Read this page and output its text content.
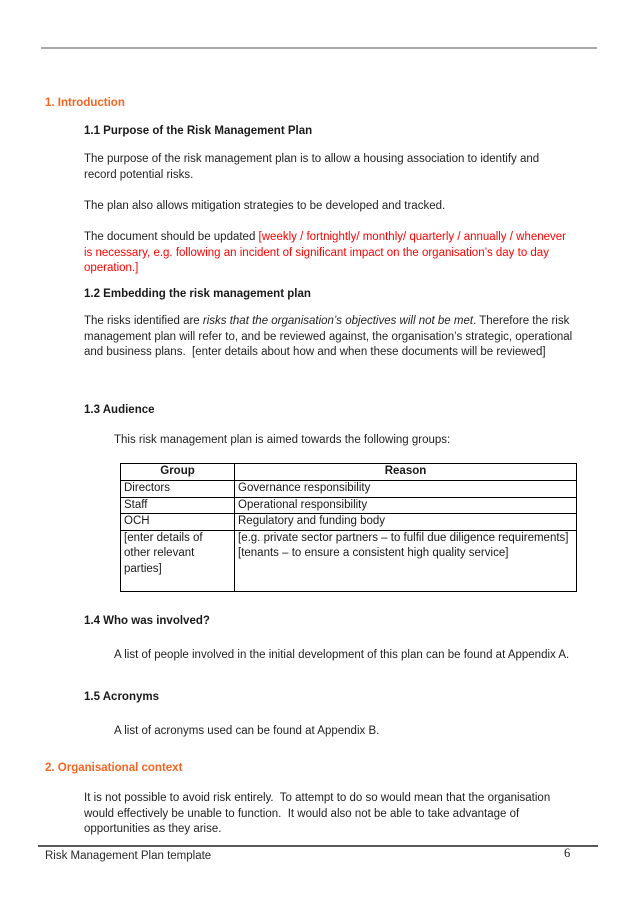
1. Introduction
1.1 Purpose of the Risk Management Plan
The purpose of the risk management plan is to allow a housing association to identify and record potential risks.
The plan also allows mitigation strategies to be developed and tracked.
The document should be updated [weekly / fortnightly/ monthly/ quarterly / annually / whenever is necessary, e.g. following an incident of significant impact on the organisation’s day to day operation.]
1.2 Embedding the risk management plan
The risks identified are risks that the organisation’s objectives will not be met. Therefore the risk management plan will refer to, and be reviewed against, the organisation’s strategic, operational and business plans.  [enter details about how and when these documents will be reviewed]
1.3 Audience
This risk management plan is aimed towards the following groups:
Group	Reason
Directors	Governance responsibility
Staff	Operational responsibility
OCH	Regulatory and funding body
[enter details of other relevant parties]	[e.g. private sector partners – to fulfil due diligence requirements]
[tenants – to ensure a consistent high quality service]
1.4 Who was involved?
A list of people involved in the initial development of this plan can be found at Appendix A.
1.5 Acronyms
A list of acronyms used can be found at Appendix B.
2. Organisational context
It is not possible to avoid risk entirely.  To attempt to do so would mean that the organisation would effectively be unable to function.  It would also not be able to take advantage of opportunities as they arise.
Risk Management Plan template	6
